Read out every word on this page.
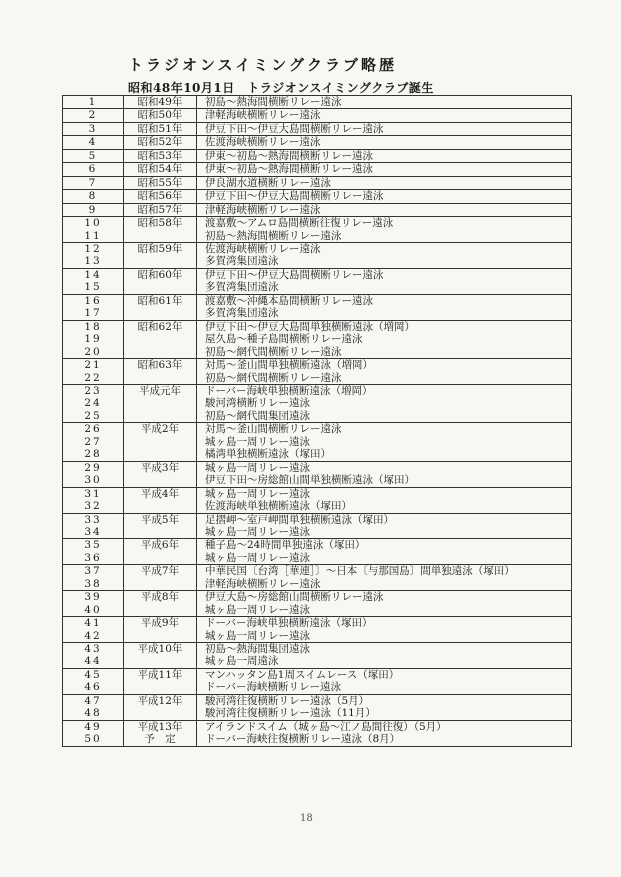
トラジオンスイミングクラブ略歴
昭和48年10月1日　トラジオンスイミングクラブ誕生
1	昭和49年	初島～熱海間横断リレー遠泳
2	昭和50年	津軽海峡横断リレー遠泳
3	昭和51年	伊豆下田～伊豆大島間横断リレー遠泳
4	昭和52年	佐渡海峡横断リレー遠泳
5	昭和53年	伊東～初島～熱海間横断リレー遠泳
6	昭和54年	伊東～初島～熱海間横断リレー遠泳
7	昭和55年	伊良湖水道横断リレー遠泳
8	昭和56年	伊豆下田～伊豆大島間横断リレー遠泳
9	昭和57年	津軽海峡横断リレー遠泳
10	昭和58年	渡嘉敷～アムロ島間横断往復リレー遠泳
11		初島～熱海間横断リレー遠泳
12	昭和59年	佐渡海峡横断リレー遠泳
13		多賀湾集団遠泳
14	昭和60年	伊豆下田～伊豆大島間横断リレー遠泳
15		多賀湾集団遠泳
16	昭和61年	渡嘉敷～沖縄本島間横断リレー遠泳
17		多賀湾集団遠泳
18	昭和62年	伊豆下田～伊豆大島間単独横断遠泳（増岡）
19		屋久島～種子島間横断リレー遠泳
20		初島～網代間横断リレー遠泳
21	昭和63年	対馬～釜山間単独横断遠泳（増岡）
22		初島～網代間横断リレー遠泳
23	平成元年	ドーバー海峡単独横断遠泳（増岡）
24		駿河湾横断リレー遠泳
25		初島～網代間集団遠泳
26	平成2年	対馬～釜山間横断リレー遠泳
27		城ヶ島一周リレー遠泳
28		橘湾単独横断遠泳（塚田）
29	平成3年	城ヶ島一周リレー遠泳
30		伊豆下田～房総館山間単独横断遠泳（塚田）
31	平成4年	城ヶ島一周リレー遠泳
32		佐渡海峡単独横断遠泳（塚田）
33	平成5年	足摺岬～室戸岬間単独横断遠泳（塚田）
34		城ヶ島一周リレー遠泳
35	平成6年	種子島～24時間単独遠泳（塚田）
36		城ヶ島一周リレー遠泳
37	平成7年	中華民国〔台湾［華連］〕～日本〔与那国島〕間単独遠泳（塚田）
38		津軽海峡横断リレー遠泳
39	平成8年	伊豆大島～房総館山間横断リレー遠泳
40		城ヶ島一周リレー遠泳
41	平成9年	ドーバー海峡単独横断遠泳（塚田）
42		城ヶ島一周リレー遠泳
43	平成10年	初島～熱海間集団遠泳
44		城ヶ島一周遠泳
45	平成11年	マンハッタン島1周スイムレース（塚田）
46		ドーバー海峡横断リレー遠泳
47	平成12年	駿河湾往復横断リレー遠泳（5月）
48		駿河湾往復横断リレー遠泳（11月）
49	平成13年	アイランドスイム（城ヶ島～江ノ島間往復）（5月）
50	予　定	ドーバー海峡往復横断リレー遠泳（8月）
18
